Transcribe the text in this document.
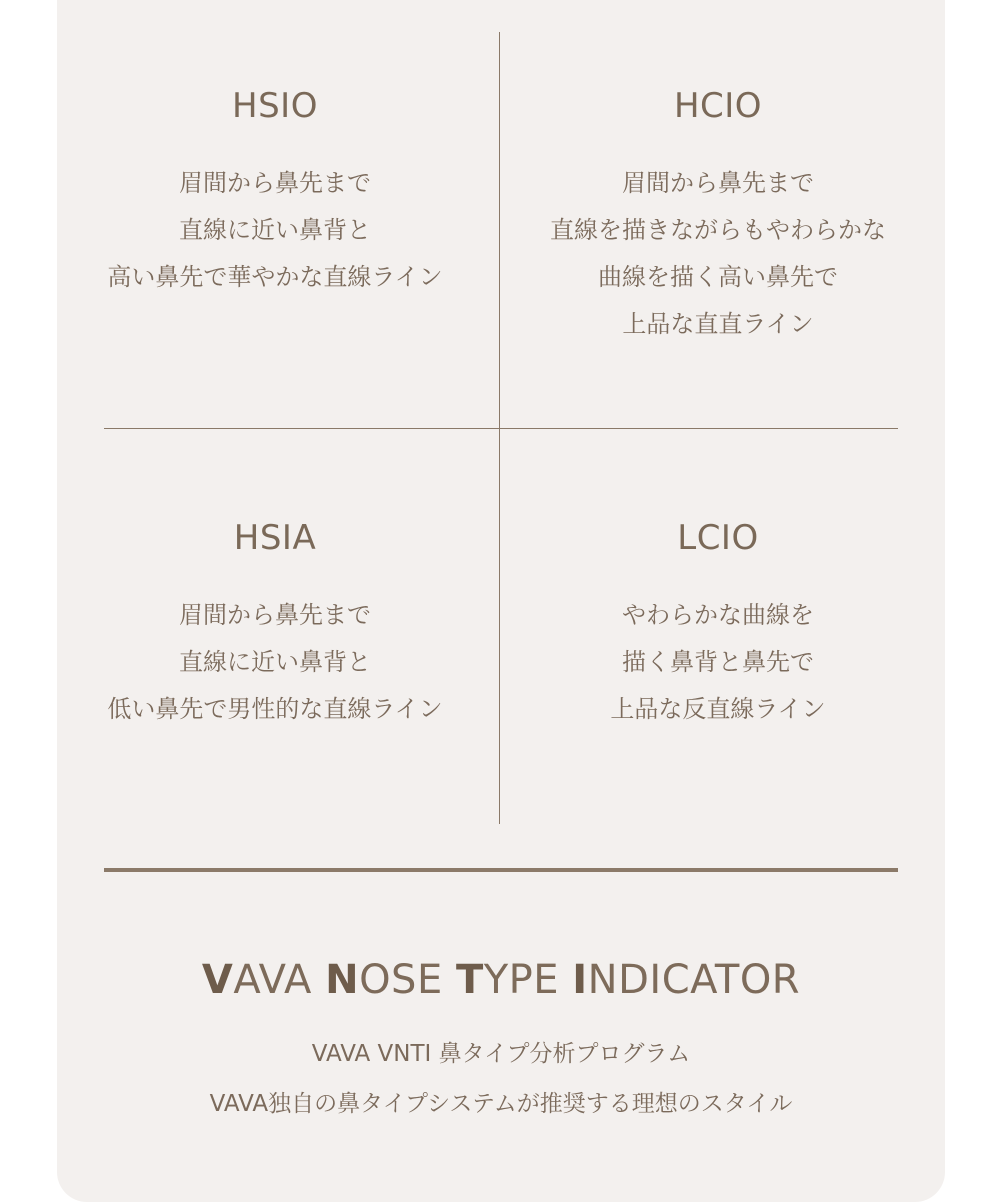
HSIO
眉間から鼻先まで
直線に近い鼻背と
高い鼻先で華やかな直線ライン
HCIO
眉間から鼻先まで
直線を描きながらもやわらかな
曲線を描く高い鼻先で
上品な直直ライン
HSIA
眉間から鼻先まで
直線に近い鼻背と
低い鼻先で男性的な直線ライン
LCIO
やわらかな曲線を
描く鼻背と鼻先で
上品な反直線ライン
VAVA NOSE TYPE INDICATOR
VAVA VNTI 鼻タイプ分析プログラム
VAVA独自の鼻タイプシステムが推奨する理想のスタイル
